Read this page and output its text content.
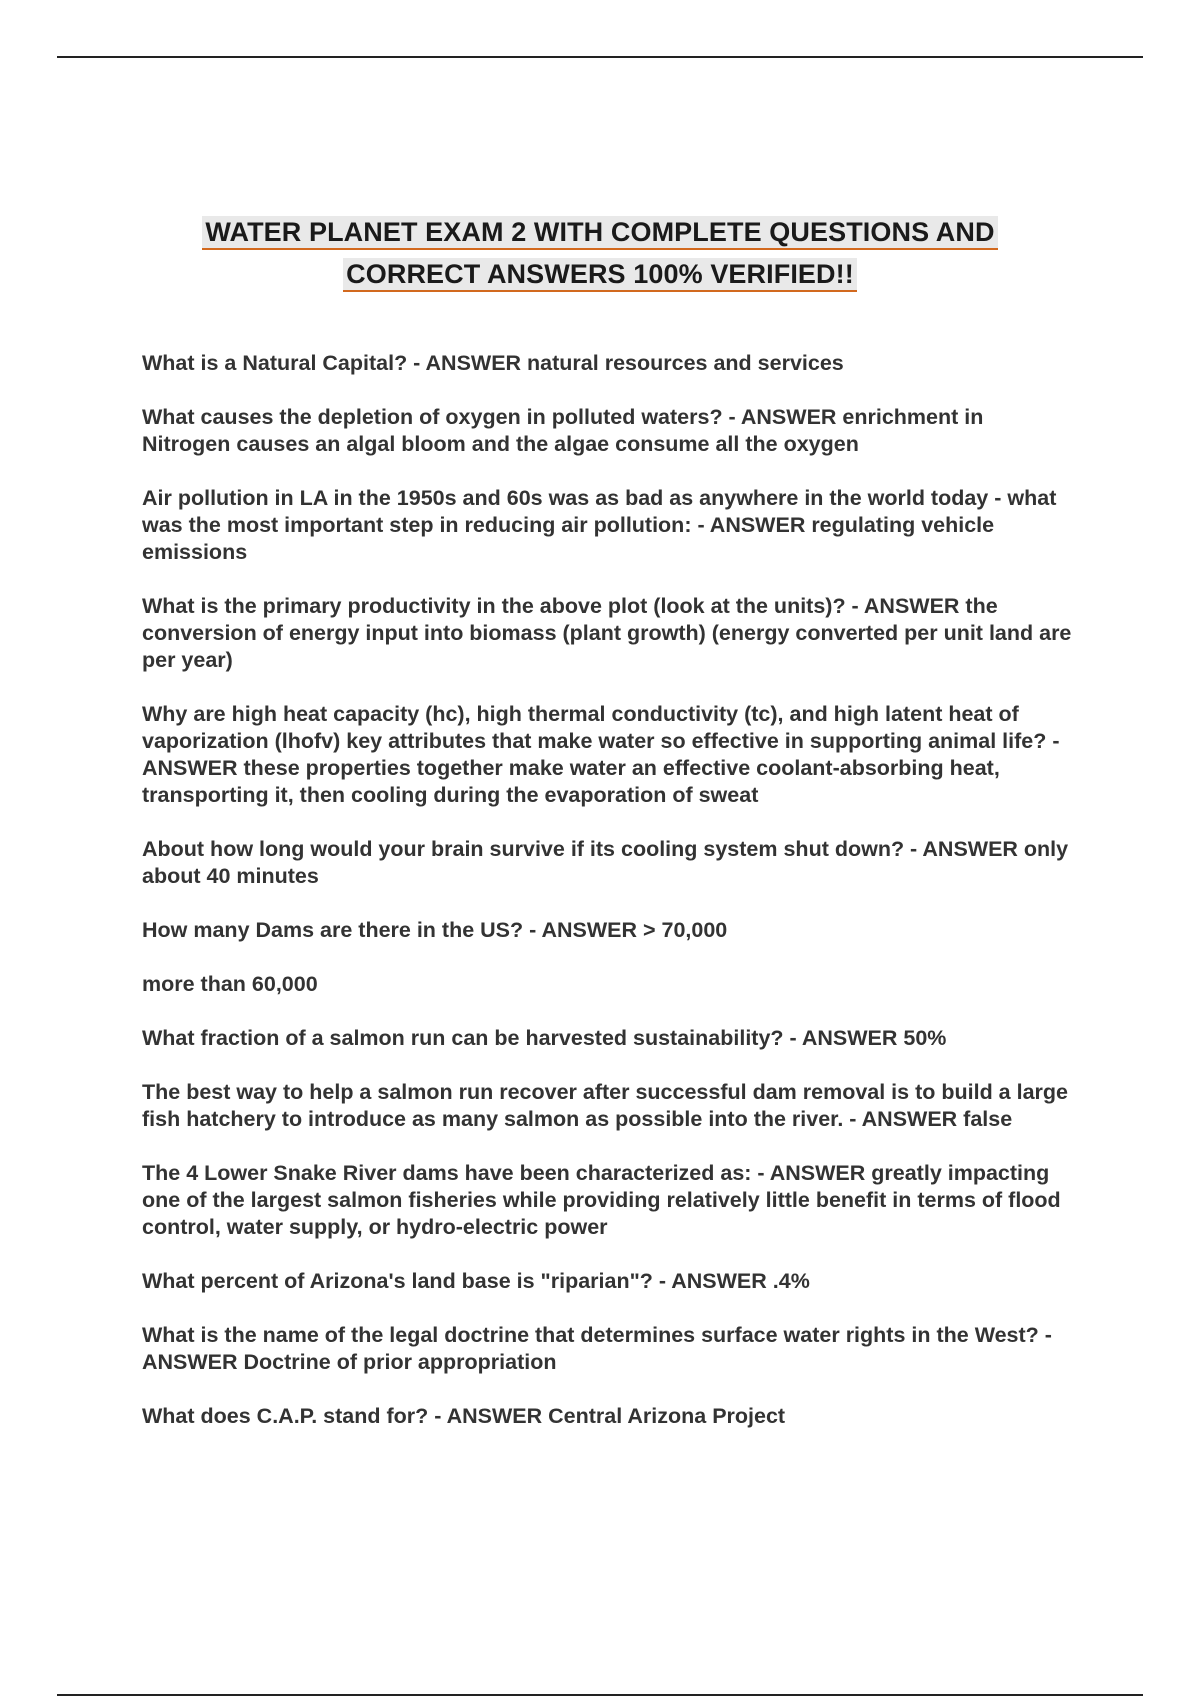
WATER PLANET EXAM 2 WITH COMPLETE QUESTIONS AND
CORRECT ANSWERS 100% VERIFIED!!

What is a Natural Capital? - ANSWER natural resources and services

What causes the depletion of oxygen in polluted waters? - ANSWER enrichment in Nitrogen causes an algal bloom and the algae consume all the oxygen

Air pollution in LA in the 1950s and 60s was as bad as anywhere in the world today - what was the most important step in reducing air pollution: - ANSWER regulating vehicle emissions

What is the primary productivity in the above plot (look at the units)? - ANSWER the conversion of energy input into biomass (plant growth) (energy converted per unit land are per year)

Why are high heat capacity (hc), high thermal conductivity (tc), and high latent heat of vaporization (lhofv) key attributes that make water so effective in supporting animal life? - ANSWER these properties together make water an effective coolant-absorbing heat, transporting it, then cooling during the evaporation of sweat

About how long would your brain survive if its cooling system shut down? - ANSWER only about 40 minutes

How many Dams are there in the US? - ANSWER > 70,000

more than 60,000

What fraction of a salmon run can be harvested sustainability? - ANSWER 50%

The best way to help a salmon run recover after successful dam removal is to build a large fish hatchery to introduce as many salmon as possible into the river. - ANSWER false

The 4 Lower Snake River dams have been characterized as: - ANSWER greatly impacting one of the largest salmon fisheries while providing relatively little benefit in terms of flood control, water supply, or hydro-electric power

What percent of Arizona's land base is "riparian"? - ANSWER .4%

What is the name of the legal doctrine that determines surface water rights in the West? - ANSWER Doctrine of prior appropriation

What does C.A.P. stand for? - ANSWER Central Arizona Project
